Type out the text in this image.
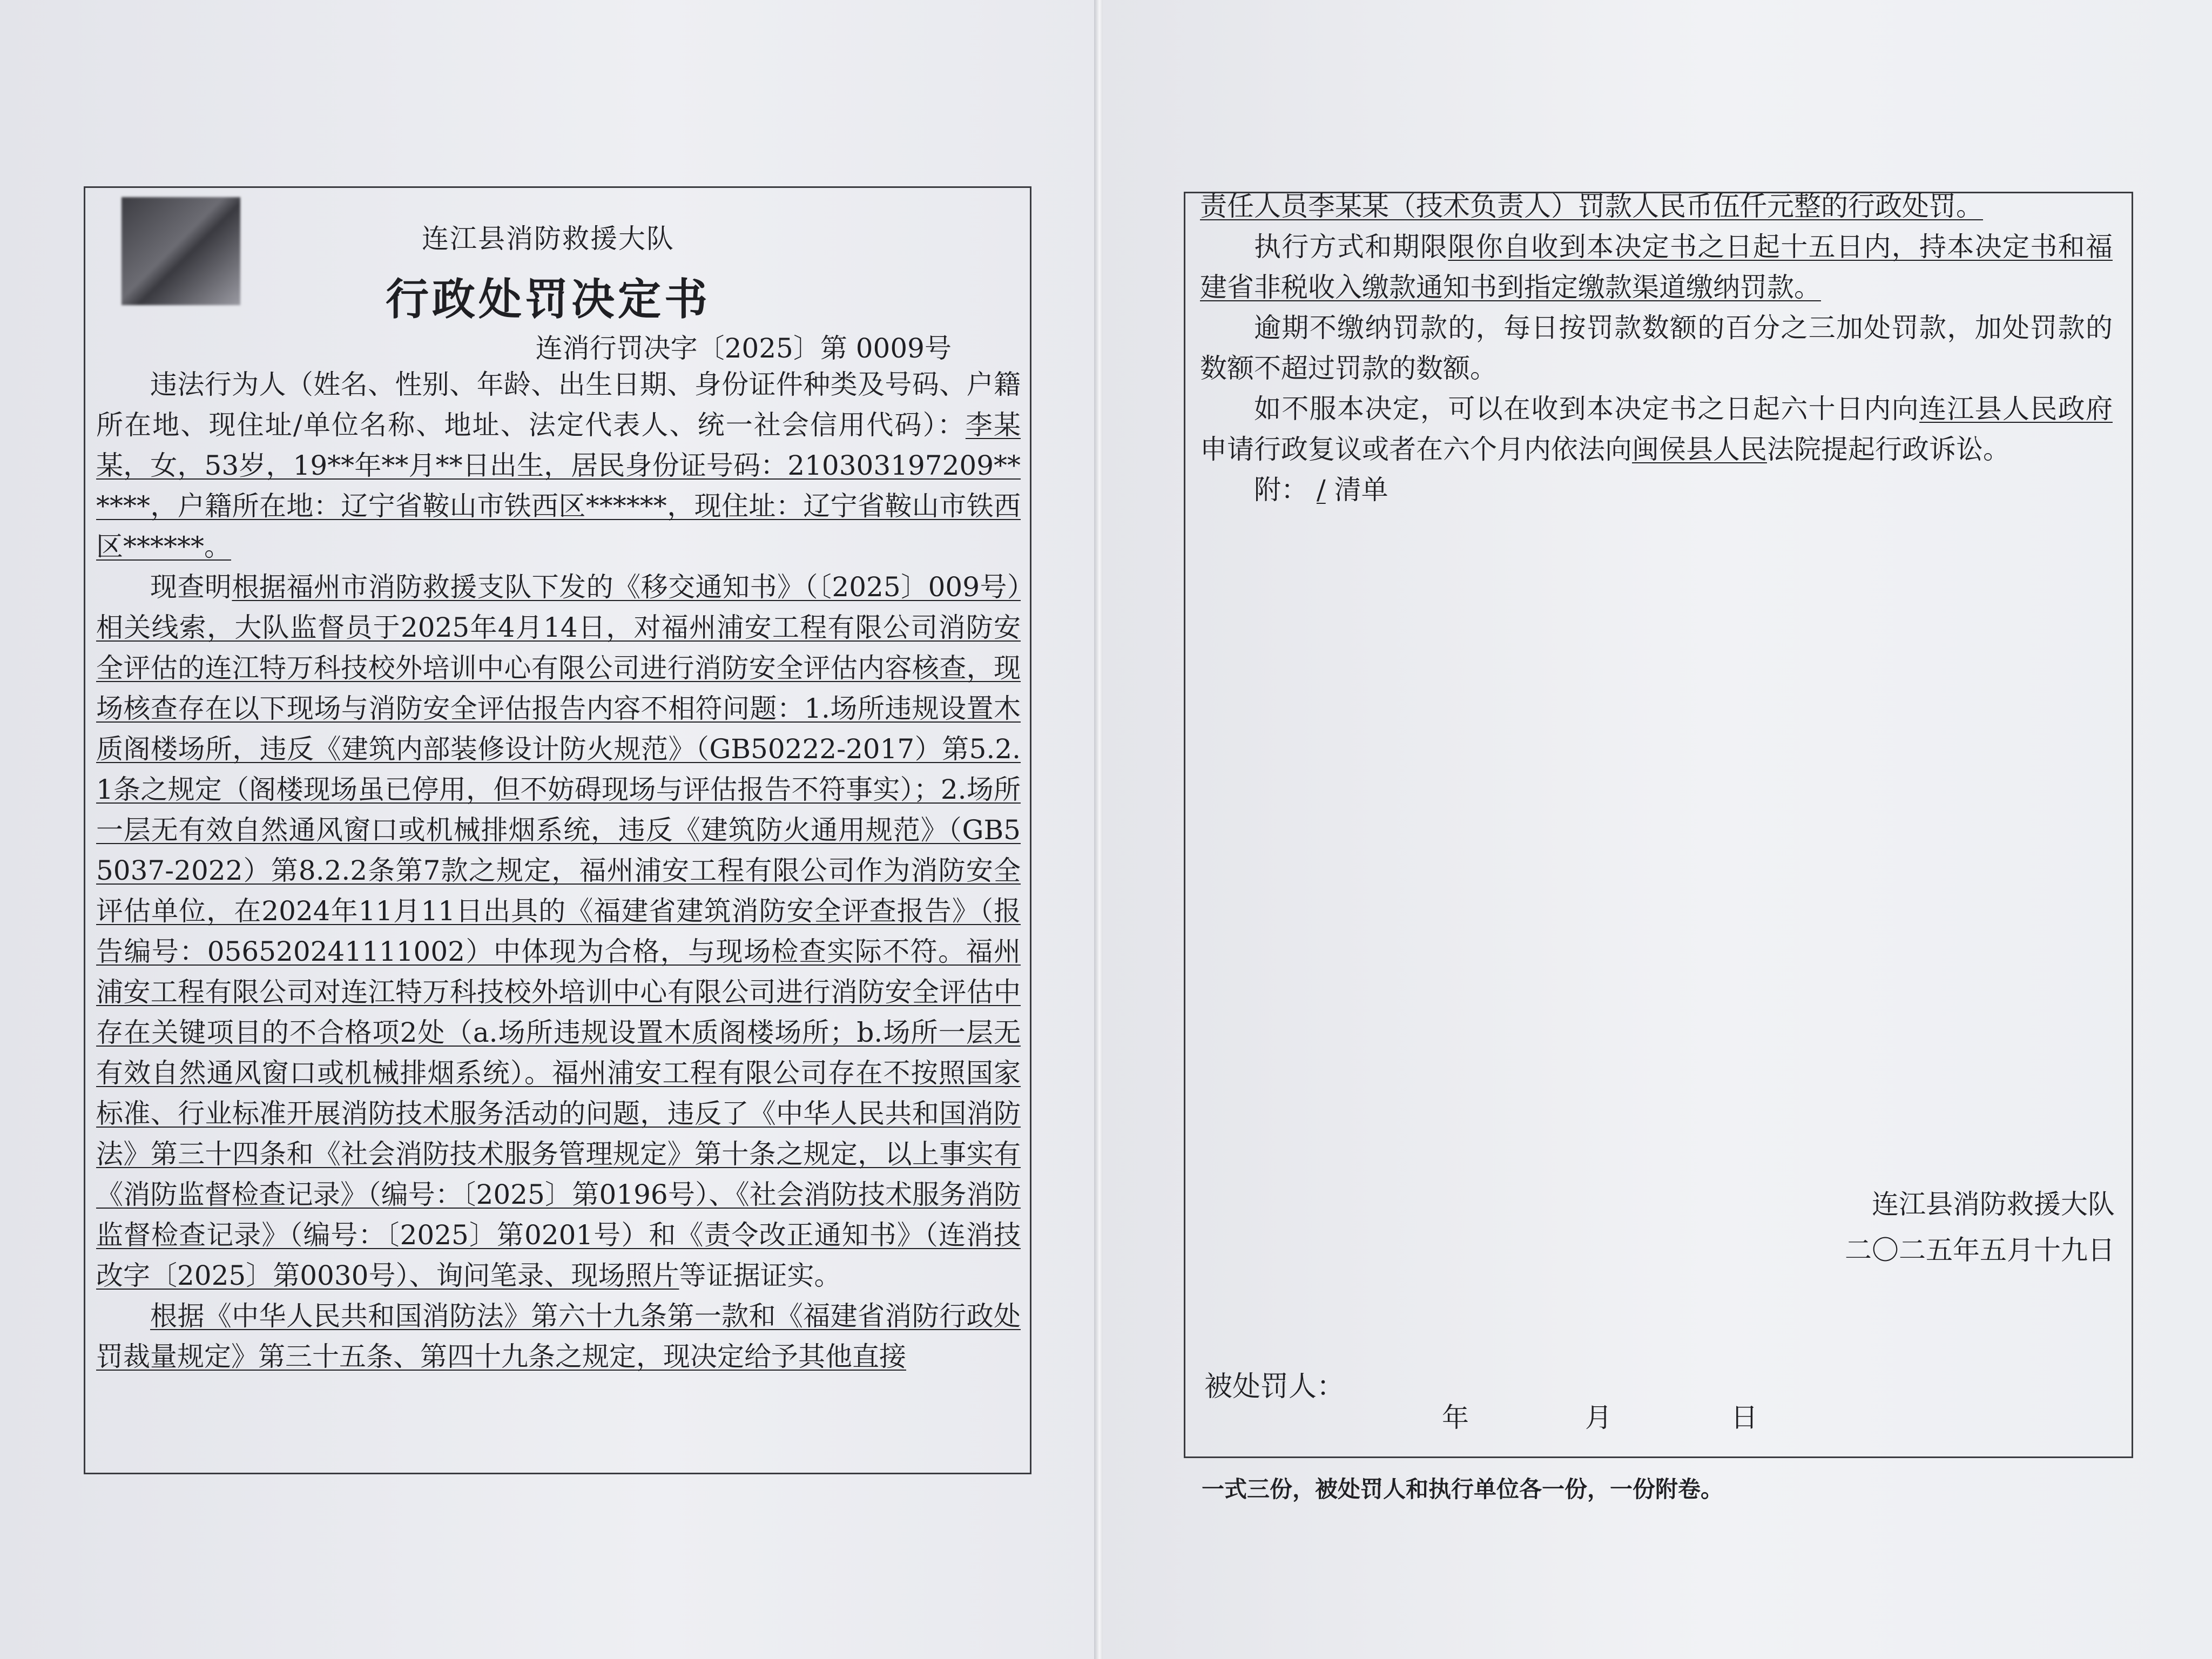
连江县消防救援大队
行政处罚决定书
连消行罚决字〔2025〕第 0009号

违法行为人（姓名、性别、年龄、出生日期、身份证件种类及号码、户籍所在地、现住址/单位名称、地址、法定代表人、统一社会信用代码）：李某某，女，53岁，19**年**月**日出生，居民身份证号码：210303197209******，户籍所在地：辽宁省鞍山市铁西区******，现住址：辽宁省鞍山市铁西区******。

现查明根据福州市消防救援支队下发的《移交通知书》（〔2025〕009号）相关线索，大队监督员于2025年4月14日，对福州浦安工程有限公司消防安全评估的连江特万科技校外培训中心有限公司进行消防安全评估内容核查，现场核查存在以下现场与消防安全评估报告内容不相符问题：1.场所违规设置木质阁楼场所，违反《建筑内部装修设计防火规范》（GB50222-2017）第5.2.1条之规定（阁楼现场虽已停用，但不妨碍现场与评估报告不符事实）；2.场所一层无有效自然通风窗口或机械排烟系统，违反《建筑防火通用规范》（GB55037-2022）第8.2.2条第7款之规定，福州浦安工程有限公司作为消防安全评估单位，在2024年11月11日出具的《福建省建筑消防安全评查报告》（报告编号：056520241111002）中体现为合格，与现场检查实际不符。福州浦安工程有限公司对连江特万科技校外培训中心有限公司进行消防安全评估中存在关键项目的不合格项2处（a.场所违规设置木质阁楼场所；b.场所一层无有效自然通风窗口或机械排烟系统）。福州浦安工程有限公司存在不按照国家标准、行业标准开展消防技术服务活动的问题，违反了《中华人民共和国消防法》第三十四条和《社会消防技术服务管理规定》第十条之规定，以上事实有《消防监督检查记录》（编号：〔2025〕第0196号）、《社会消防技术服务消防监督检查记录》（编号：〔2025〕第0201号）和《责令改正通知书》（连消技改字〔2025〕第0030号）、询问笔录、现场照片等证据证实。

根据《中华人民共和国消防法》第六十九条第一款和《福建省消防行政处罚裁量规定》第三十五条、第四十九条之规定，现决定给予其他直接

责任人员李某某（技术负责人）罚款人民币伍仟元整的行政处罚。

执行方式和期限限你自收到本决定书之日起十五日内，持本决定书和福建省非税收入缴款通知书到指定缴款渠道缴纳罚款。

逾期不缴纳罚款的，每日按罚款数额的百分之三加处罚款，加处罚款的数额不超过罚款的数额。

如不服本决定，可以在收到本决定书之日起六十日内向连江县人民政府申请行政复议或者在六个月内依法向闽侯县人民法院提起行政诉讼。

附： / 清单

连江县消防救援大队
二〇二五年五月十九日
被处罚人：
年	月	日
一式三份，被处罚人和执行单位各一份，一份附卷。
